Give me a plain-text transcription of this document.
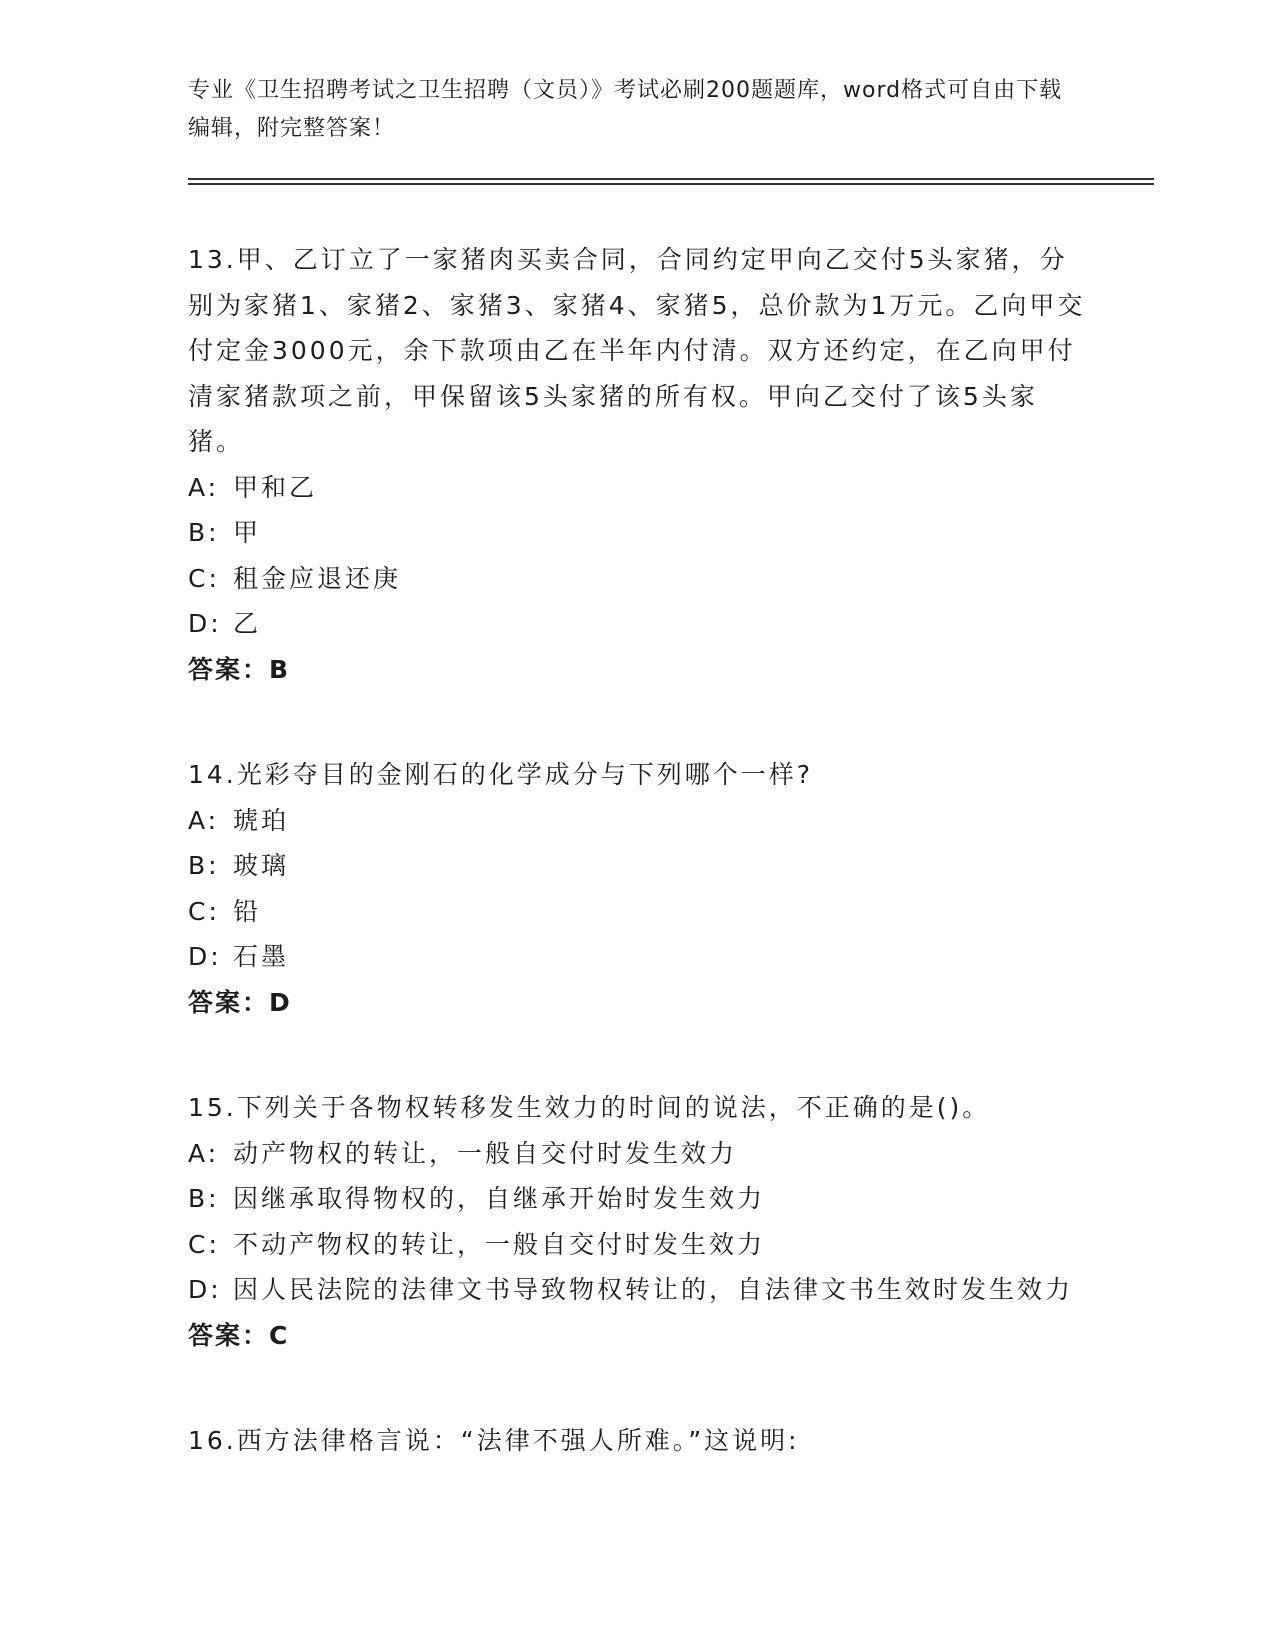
专业《卫生招聘考试之卫生招聘（文员）》考试必刷200题题库，word格式可自由下载编辑，附完整答案！
13.甲、乙订立了一家猪肉买卖合同，合同约定甲向乙交付5头家猪，分别为家猪1、家猪2、家猪3、家猪4、家猪5，总价款为1万元。乙向甲交付定金3000元，余下款项由乙在半年内付清。双方还约定，在乙向甲付清家猪款项之前，甲保留该5头家猪的所有权。甲向乙交付了该5头家猪。
A: 甲和乙
B: 甲
C: 租金应退还庚
D: 乙
答案：B
14.光彩夺目的金刚石的化学成分与下列哪个一样?
A: 琥珀
B: 玻璃
C: 铅
D: 石墨
答案：D
15.下列关于各物权转移发生效力的时间的说法，不正确的是()。
A: 动产物权的转让，一般自交付时发生效力
B: 因继承取得物权的，自继承开始时发生效力
C: 不动产物权的转让，一般自交付时发生效力
D: 因人民法院的法律文书导致物权转让的，自法律文书生效时发生效力
答案：C
16.西方法律格言说：“法律不强人所难。”这说明:
